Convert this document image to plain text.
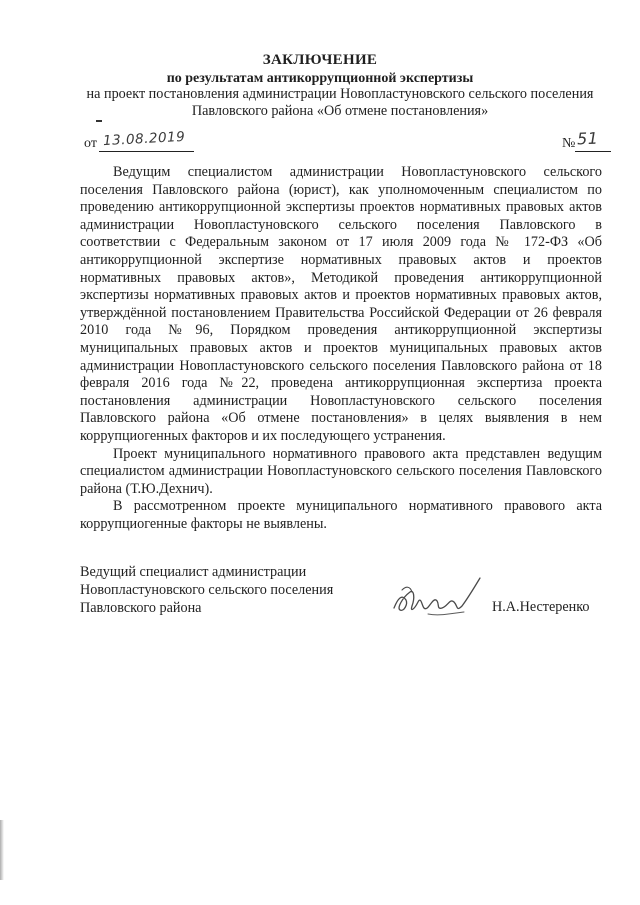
ЗАКЛЮЧЕНИЕ
по результатам антикоррупционной экспертизы
на проект постановления администрации Новопластуновского сельского поселения Павловского района «Об отмене постановления»
от 13.08.2019	№ 51

Ведущим специалистом администрации Новопластуновского сельского поселения Павловского района (юрист), как уполномоченным специалистом по проведению антикоррупционной экспертизы проектов нормативных правовых актов администрации Новопластуновского сельского поселения Павловского в соответствии с Федеральным законом от 17 июля 2009 года № 172-ФЗ «Об антикоррупционной экспертизе нормативных правовых актов и проектов нормативных правовых актов», Методикой проведения антикоррупционной экспертизы нормативных правовых актов и проектов нормативных правовых актов, утверждённой постановлением Правительства Российской Федерации от 26 февраля 2010 года №96, Порядком проведения антикоррупционной экспертизы муниципальных правовых актов и проектов муниципальных правовых актов администрации Новопластуновского сельского поселения Павловского района от 18 февраля 2016 года №22, проведена антикоррупционная экспертиза проекта постановления администрации Новопластуновского сельского поселения Павловского района «Об отмене постановления» в целях выявления в нем коррупциогенных факторов и их последующего устранения.

Проект муниципального нормативного правового акта представлен ведущим специалистом администрации Новопластуновского сельского поселения Павловского района (Т.Ю.Дехнич).

В рассмотренном проекте муниципального нормативного правового акта коррупциогенные факторы не выявлены.

Ведущий специалист администрации
Новопластуновского сельского поселения
Павловского района	Н.А.Нестеренко
